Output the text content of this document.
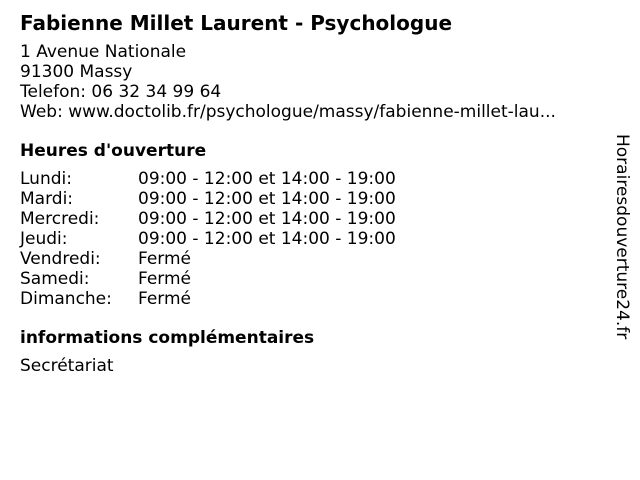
Fabienne Millet Laurent - Psychologue
1 Avenue Nationale
91300 Massy
Telefon: 06 32 34 99 64
Web: www.doctolib.fr/psychologue/massy/fabienne-millet-lau...
Heures d'ouverture
Lundi:	09:00 - 12:00 et 14:00 - 19:00
Mardi:	09:00 - 12:00 et 14:00 - 19:00
Mercredi:	09:00 - 12:00 et 14:00 - 19:00
Jeudi:	09:00 - 12:00 et 14:00 - 19:00
Vendredi:	Fermé
Samedi:	Fermé
Dimanche:	Fermé
informations complémentaires
Secrétariat
Horairesdouverture24.fr
